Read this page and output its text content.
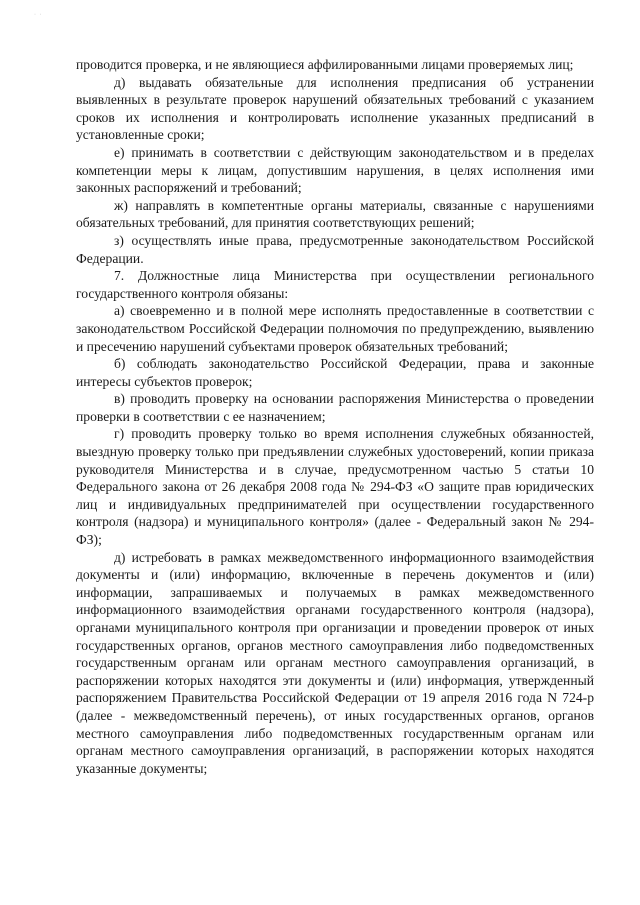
· ·

проводится проверка, и не являющиеся аффилированными лицами проверяемых лиц;

д) выдавать обязательные для исполнения предписания об устранении выявленных в результате проверок нарушений обязательных требований с указанием сроков их исполнения и контролировать исполнение указанных предписаний в установленные сроки;

е) принимать в соответствии с действующим законодательством и в пределах компетенции меры к лицам, допустившим нарушения, в целях исполнения ими законных распоряжений и требований;

ж) направлять в компетентные органы материалы, связанные с нарушениями обязательных требований, для принятия соответствующих решений;

з) осуществлять иные права, предусмотренные законодательством Российской Федерации.

7. Должностные лица Министерства при осуществлении регионального государственного контроля обязаны:

а) своевременно и в полной мере исполнять предоставленные в соответствии с законодательством Российской Федерации полномочия по предупреждению, выявлению и пресечению нарушений субъектами проверок обязательных требований;

б) соблюдать законодательство Российской Федерации, права и законные интересы субъектов проверок;

в) проводить проверку на основании распоряжения Министерства о проведении проверки в соответствии с ее назначением;

г) проводить проверку только во время исполнения служебных обязанностей, выездную проверку только при предъявлении служебных удостоверений, копии приказа руководителя Министерства и в случае, предусмотренном частью 5 статьи 10 Федерального закона от 26 декабря 2008 года № 294-ФЗ «О защите прав юридических лиц и индивидуальных предпринимателей при осуществлении государственного контроля (надзора) и муниципального контроля» (далее - Федеральный закон № 294-ФЗ);

д) истребовать в рамках межведомственного информационного взаимодействия документы и (или) информацию, включенные в перечень документов и (или) информации, запрашиваемых и получаемых в рамках межведомственного информационного взаимодействия органами государственного контроля (надзора), органами муниципального контроля при организации и проведении проверок от иных государственных органов, органов местного самоуправления либо подведомственных государственным органам или органам местного самоуправления организаций, в распоряжении которых находятся эти документы и (или) информация, утвержденный распоряжением Правительства Российской Федерации от 19 апреля 2016 года N 724-р (далее - межведомственный перечень), от иных государственных органов, органов местного самоуправления либо подведомственных государственным органам или органам местного самоуправления организаций, в распоряжении которых находятся указанные документы;
